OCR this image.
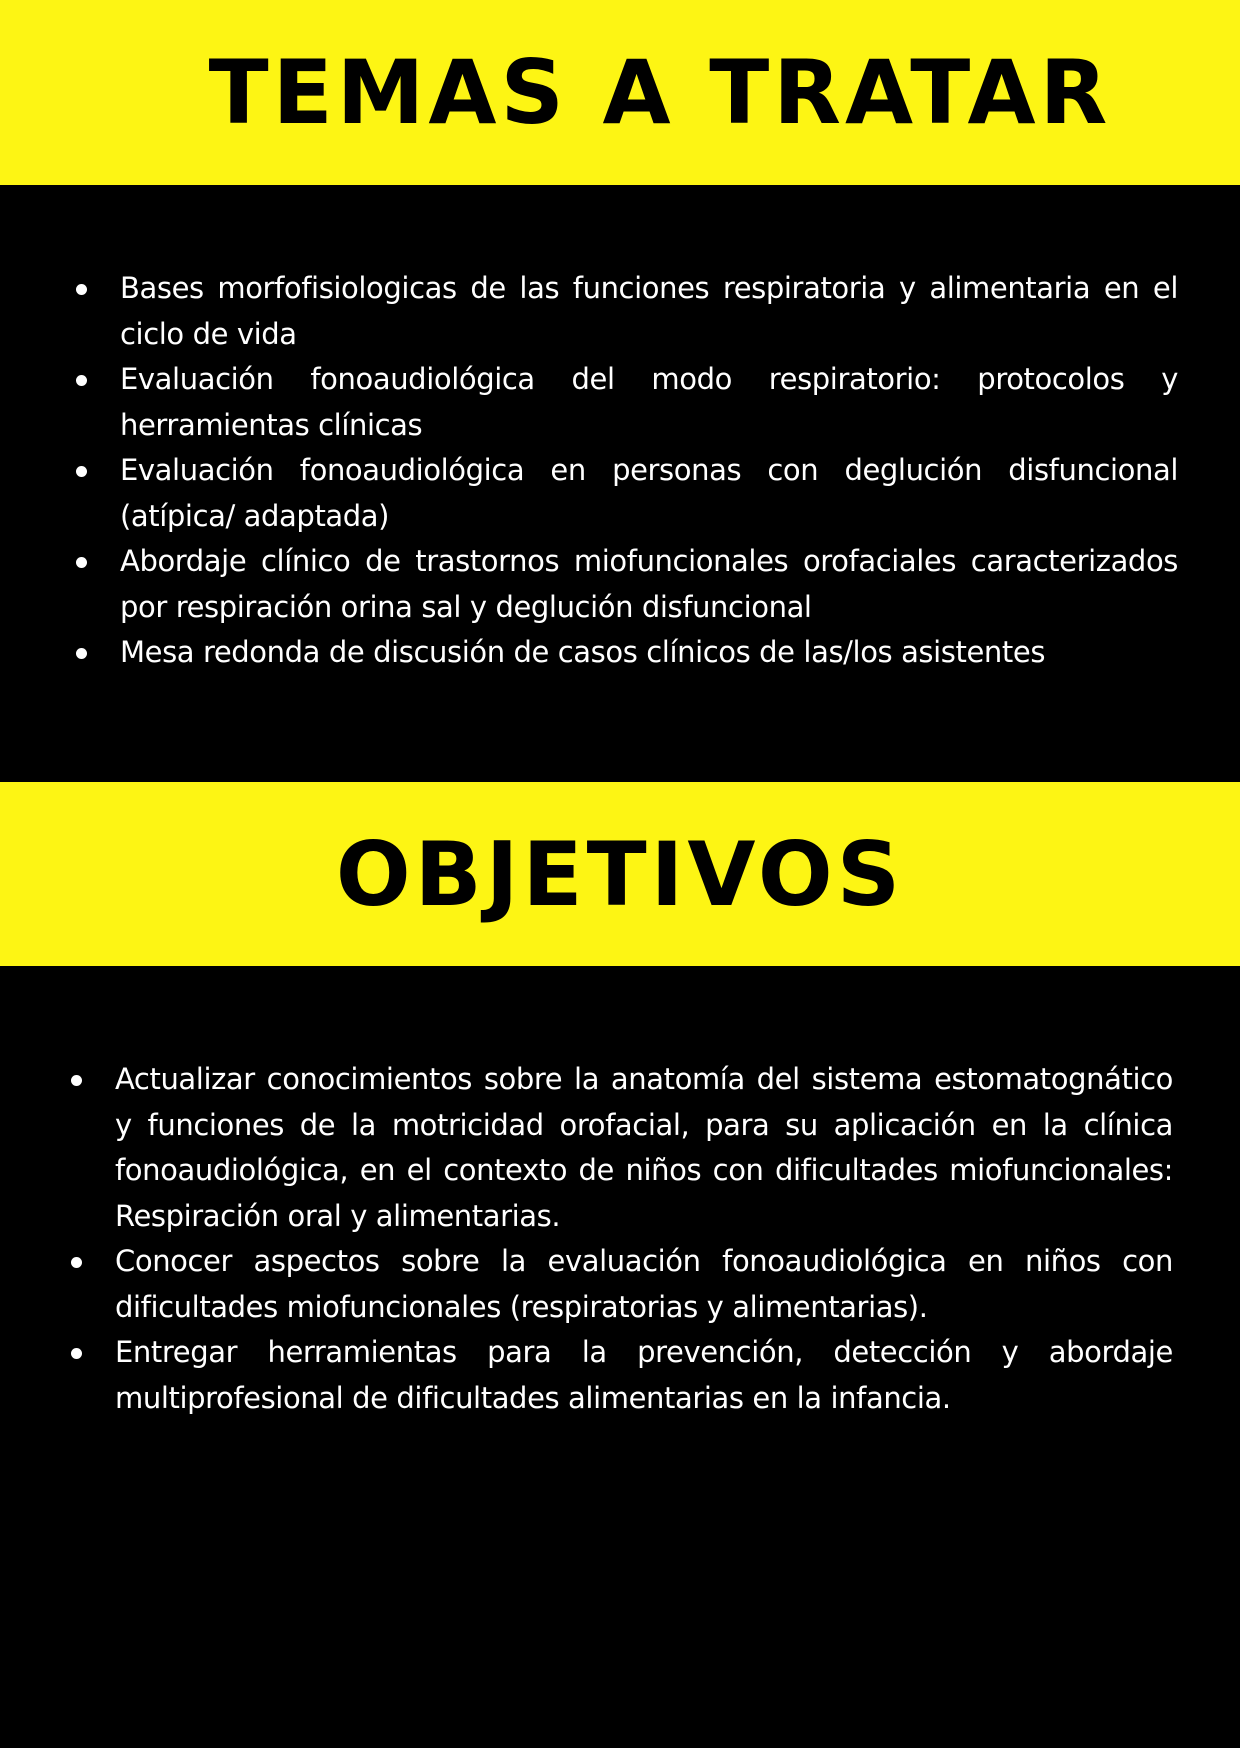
TEMAS A TRATAR
Bases morfofisiologicas de las funciones respiratoria y alimentaria en el ciclo de vida
Evaluación fonoaudiológica del modo respiratorio: protocolos y herramientas clínicas
Evaluación fonoaudiológica en personas con deglución disfuncional (atípica/ adaptada)
Abordaje clínico de trastornos miofuncionales orofaciales caracterizados por respiración orina sal y deglución disfuncional
Mesa redonda de discusión de casos clínicos de las/los asistentes
OBJETIVOS
Actualizar conocimientos sobre la anatomía del sistema estomatognático y funciones de la motricidad orofacial, para su aplicación en la clínica fonoaudiológica, en el contexto de niños con dificultades miofuncionales: Respiración oral y alimentarias.
Conocer aspectos sobre la evaluación fonoaudiológica en niños con dificultades miofuncionales (respiratorias y alimentarias).
Entregar herramientas para la prevención, detección y abordaje multiprofesional de dificultades alimentarias en la infancia.
